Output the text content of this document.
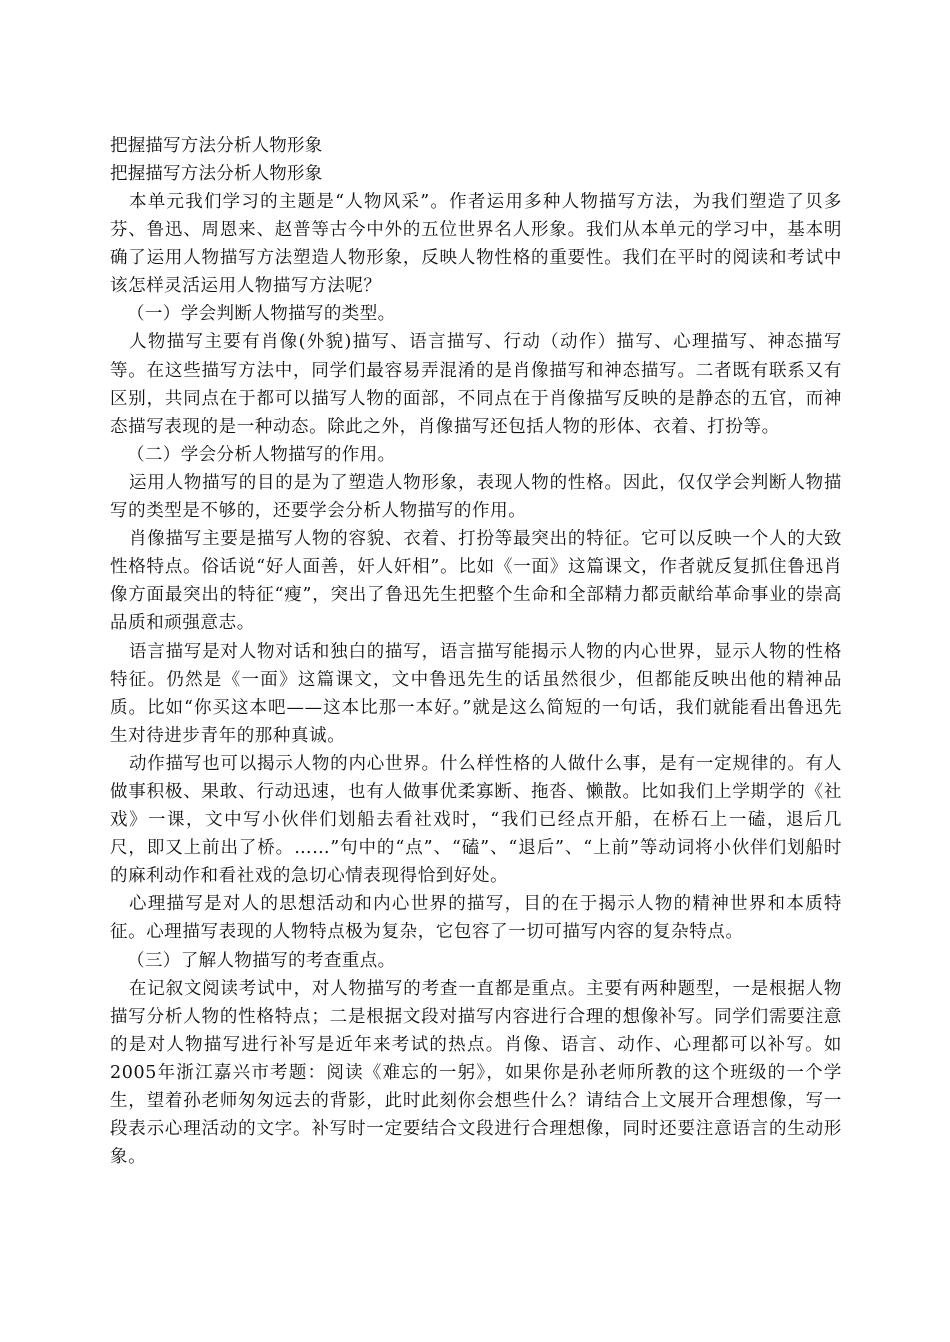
把握描写方法分析人物形象

把握描写方法分析人物形象

本单元我们学习的主题是“人物风采”。作者运用多种人物描写方法，为我们塑造了贝多芬、鲁迅、周恩来、赵普等古今中外的五位世界名人形象。我们从本单元的学习中，基本明确了运用人物描写方法塑造人物形象，反映人物性格的重要性。我们在平时的阅读和考试中该怎样灵活运用人物描写方法呢？

（一）学会判断人物描写的类型。

人物描写主要有肖像(外貌)描写、语言描写、行动（动作）描写、心理描写、神态描写等。在这些描写方法中，同学们最容易弄混淆的是肖像描写和神态描写。二者既有联系又有区别，共同点在于都可以描写人物的面部，不同点在于肖像描写反映的是静态的五官，而神态描写表现的是一种动态。除此之外，肖像描写还包括人物的形体、衣着、打扮等。

（二）学会分析人物描写的作用。

运用人物描写的目的是为了塑造人物形象，表现人物的性格。因此，仅仅学会判断人物描写的类型是不够的，还要学会分析人物描写的作用。

肖像描写主要是描写人物的容貌、衣着、打扮等最突出的特征。它可以反映一个人的大致性格特点。俗话说“好人面善，奸人奸相”。比如《一面》这篇课文，作者就反复抓住鲁迅肖像方面最突出的特征“瘦”，突出了鲁迅先生把整个生命和全部精力都贡献给革命事业的崇高品质和顽强意志。

语言描写是对人物对话和独白的描写，语言描写能揭示人物的内心世界，显示人物的性格特征。仍然是《一面》这篇课文，文中鲁迅先生的话虽然很少，但都能反映出他的精神品质。比如“你买这本吧——这本比那一本好。”就是这么简短的一句话，我们就能看出鲁迅先生对待进步青年的那种真诚。

动作描写也可以揭示人物的内心世界。什么样性格的人做什么事，是有一定规律的。有人做事积极、果敢、行动迅速，也有人做事优柔寡断、拖沓、懒散。比如我们上学期学的《社戏》一课，文中写小伙伴们划船去看社戏时，“我们已经点开船，在桥石上一磕，退后几尺，即又上前出了桥。……”句中的“点”、“磕”、“退后”、“上前”等动词将小伙伴们划船时的麻利动作和看社戏的急切心情表现得恰到好处。

心理描写是对人的思想活动和内心世界的描写，目的在于揭示人物的精神世界和本质特征。心理描写表现的人物特点极为复杂，它包容了一切可描写内容的复杂特点。

（三）了解人物描写的考查重点。

在记叙文阅读考试中，对人物描写的考查一直都是重点。主要有两种题型，一是根据人物描写分析人物的性格特点；二是根据文段对描写内容进行合理的想像补写。同学们需要注意的是对人物描写进行补写是近年来考试的热点。肖像、语言、动作、心理都可以补写。如2005年浙江嘉兴市考题：阅读《难忘的一躬》，如果你是孙老师所教的这个班级的一个学生，望着孙老师匆匆远去的背影，此时此刻你会想些什么？请结合上文展开合理想像，写一段表示心理活动的文字。补写时一定要结合文段进行合理想像，同时还要注意语言的生动形象。
